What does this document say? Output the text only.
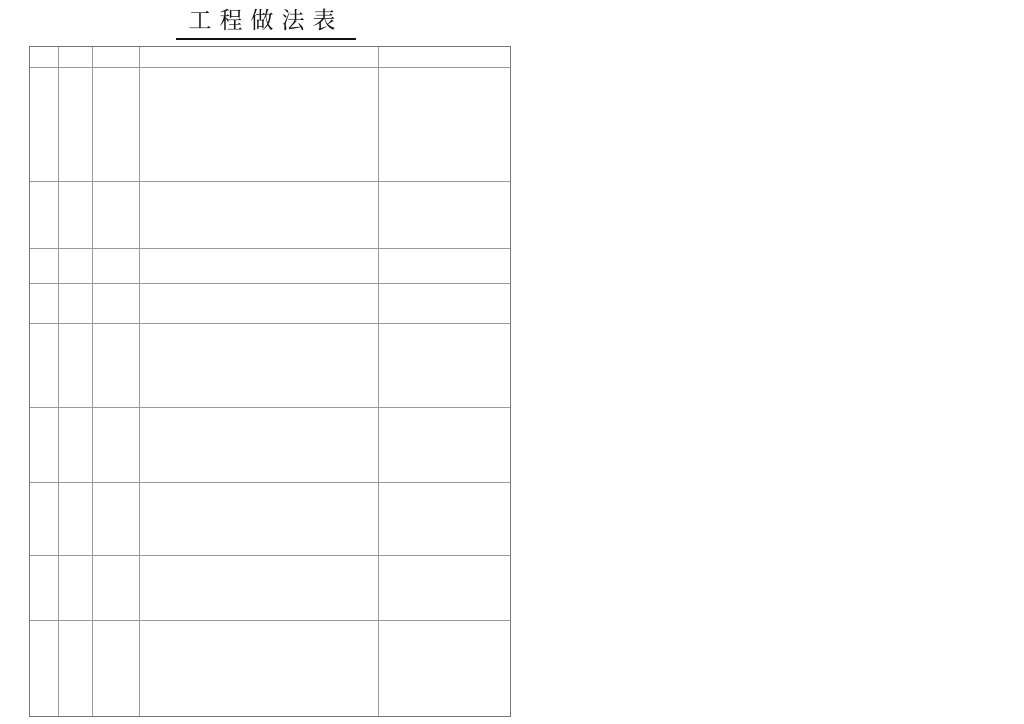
工程做法表
